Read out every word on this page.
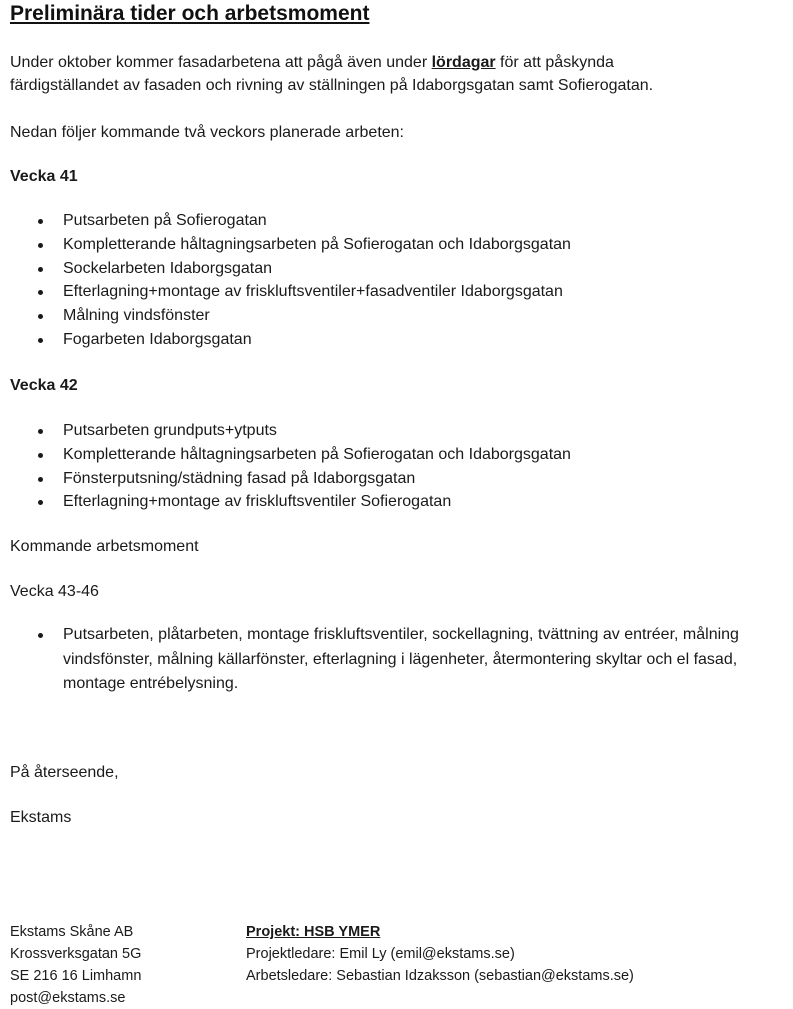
Preliminära tider och arbetsmoment

Under oktober kommer fasadarbetena att pågå även under lördagar för att påskynda
färdigställandet av fasaden och rivning av ställningen på Idaborgsgatan samt Sofierogatan.

Nedan följer kommande två veckors planerade arbeten:

Vecka 41

Putsarbeten på Sofierogatan
Kompletterande håltagningsarbeten på Sofierogatan och Idaborgsgatan
Sockelarbeten Idaborgsgatan
Efterlagning+montage av friskluftsventiler+fasadventiler Idaborgsgatan
Målning vindsfönster
Fogarbeten Idaborgsgatan

Vecka 42

Putsarbeten grundputs+ytputs
Kompletterande håltagningsarbeten på Sofierogatan och Idaborgsgatan
Fönsterputsning/städning fasad på Idaborgsgatan
Efterlagning+montage av friskluftsventiler Sofierogatan

Kommande arbetsmoment

Vecka 43-46

Putsarbeten, plåtarbeten, montage friskluftsventiler, sockellagning, tvättning av entréer, målning vindsfönster, målning källarfönster, efterlagning i lägenheter, återmontering skyltar och el fasad, montage entrébelysning.

På återseende,

Ekstams

Ekstams Skåne AB
Krossverksgatan 5G
SE 216 16 Limhamn
post@ekstams.se
Projekt: HSB YMER
Projektledare: Emil Ly (emil@ekstams.se)
Arbetsledare: Sebastian Idzaksson (sebastian@ekstams.se)
